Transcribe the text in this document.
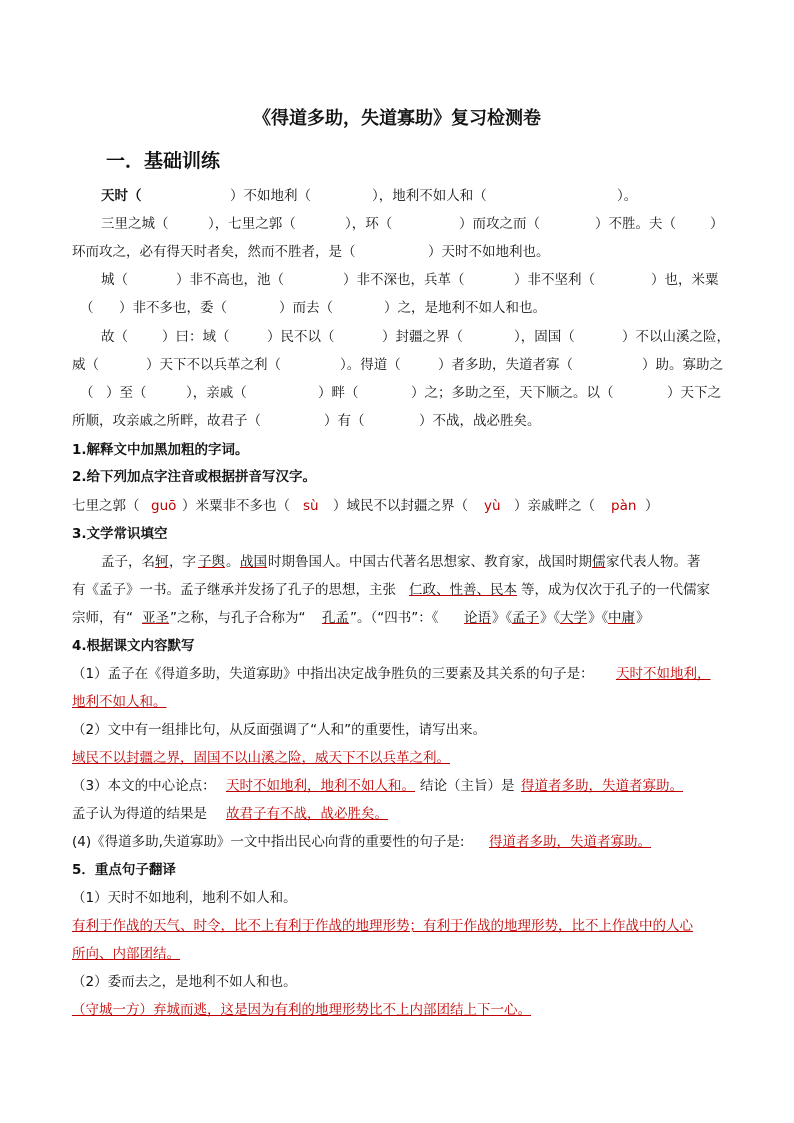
《得道多助，失道寡助》复习检测卷
一．基础训练
天时（	）不如地利（	），地利不如人和（	）。
三里之城（	），七里之郭（	），环（	）而攻之而（	）不胜。夫（	）
环而攻之，必有得天时者矣，然而不胜者，是（	）天时不如地利也。
城（	）非不高也，池（	）非不深也，兵革（	）非不坚利（	）也，米粟
（ ）非不多也，委（	）而去（	）之，是地利不如人和也。
故（	）曰：域（	）民不以（	）封疆之界（	），固国（	）不以山溪之险，
威（	）天下不以兵革之利（	）。得道（	）者多助，失道者寡（	）助。寡助之
（ ）至（	），亲戚（	）畔（	）之；多助之至，天下顺之。以（	）天下之
所顺，攻亲戚之所畔，故君子（	）有（	）不战，战必胜矣。
1.解释文中加黑加粗的字词。
2.给下列加点字注音或根据拼音写汉字。
七里之郭（ guō ）米粟非不多也（ sù ）域民不以封疆之界（ yù ）亲戚畔之（ pàn ）
3.文学常识填空
孟子，名 轲 ，字 子舆 。 战国 时期鲁国人。中国古代著名思想家、教育家，战国时期 儒 家代表人物。著
有《孟子》一书。孟子继承并发扬了孔子的思想，主张 仁政、性善、民本 等，成为仅次于孔子的一代儒家
宗师，有“ 亚圣 ”之称，与孔子合称为“ 孔孟 ”。（“四书”：《 论语 》《 孟子 》《 大学 》《 中庸 》
4.根据课文内容默写
（1）孟子在《得道多助，失道寡助》中指出决定战争胜负的三要素及其关系的句子是： 天时不如地利，
地利不如人和。
（2）文中有一组排比句，从反面强调了“人和”的重要性，请写出来。
域民不以封疆之界，固国不以山溪之险，威天下不以兵革之利。
（3）本文的中心论点： 天时不如地利，地利不如人和。 结论（主旨）是 得道者多助，失道者寡助。
孟子认为得道的结果是 故君子有不战，战必胜矣。
(4)《得道多助,失道寡助》一文中指出民心向背的重要性的句子是: 得道者多助，失道者寡助。
5．重点句子翻译
（1）天时不如地利，地利不如人和。
有利于作战的天气、时令，比不上有利于作战的地理形势；有利于作战的地理形势，比不上作战中的人心
所向、内部团结。
（2）委而去之，是地利不如人和也。
（守城一方）弃城而逃，这是因为有利的地理形势比不上内部团结上下一心。
